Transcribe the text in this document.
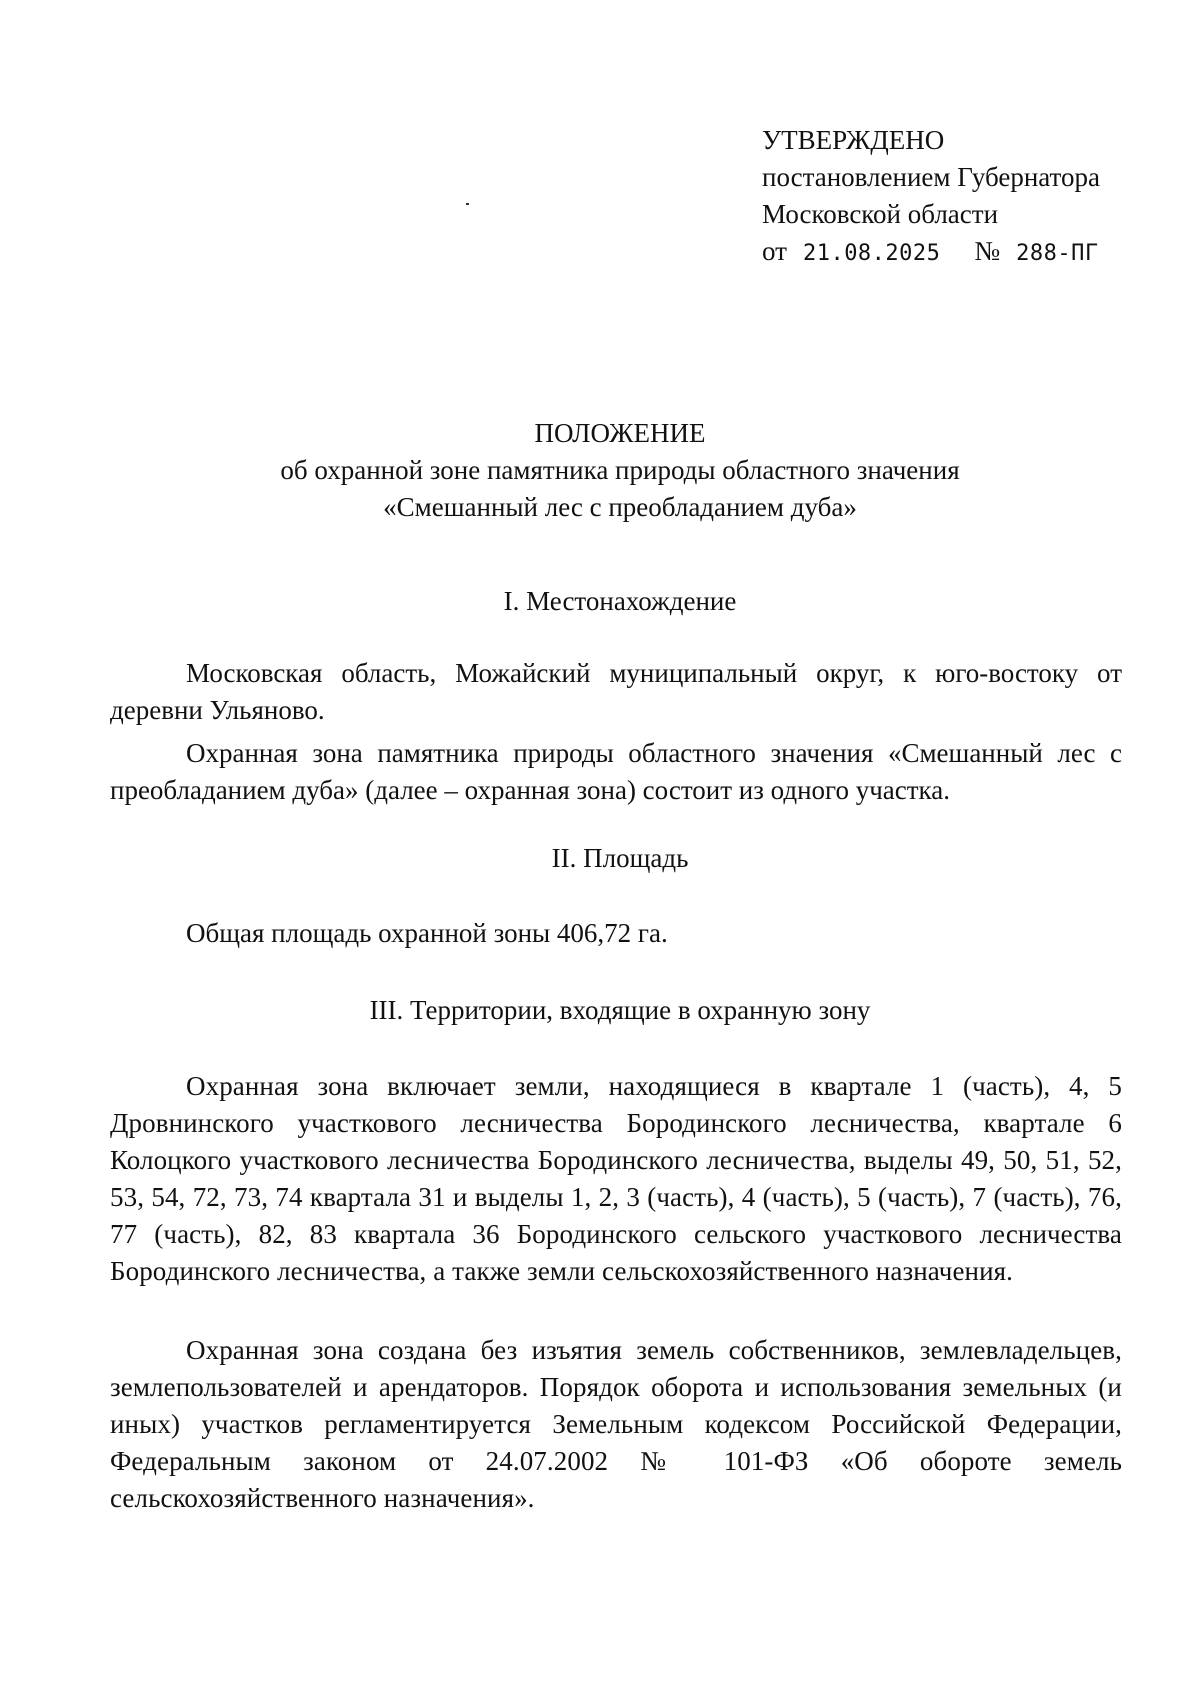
УТВЕРЖДЕНО
постановлением Губернатора
Московской области
от 21.08.2025 № 288-ПГ
ПОЛОЖЕНИЕ
об охранной зоне памятника природы областного значения
«Смешанный лес с преобладанием дуба»
I. Местонахождение
Московская область, Можайский муниципальный округ, к юго-востоку от деревни Ульяново.
Охранная зона памятника природы областного значения «Смешанный лес с преобладанием дуба» (далее – охранная зона) состоит из одного участка.
II. Площадь
Общая площадь охранной зоны 406,72 га.
III. Территории, входящие в охранную зону
Охранная зона включает земли, находящиеся в квартале 1 (часть), 4, 5 Дровнинского участкового лесничества Бородинского лесничества, квартале 6 Колоцкого участкового лесничества Бородинского лесничества, выделы 49, 50, 51, 52, 53, 54, 72, 73, 74 квартала 31 и выделы 1, 2, 3 (часть), 4 (часть), 5 (часть), 7 (часть), 76, 77 (часть), 82, 83 квартала 36 Бородинского сельского участкового лесничества Бородинского лесничества, а также земли сельскохозяйственного назначения.
Охранная зона создана без изъятия земель собственников, землевладельцев, землепользователей и арендаторов. Порядок оборота и использования земельных (и иных) участков регламентируется Земельным кодексом Российской Федерации, Федеральным законом от 24.07.2002 № 101-ФЗ «Об обороте земель сельскохозяйственного назначения».
